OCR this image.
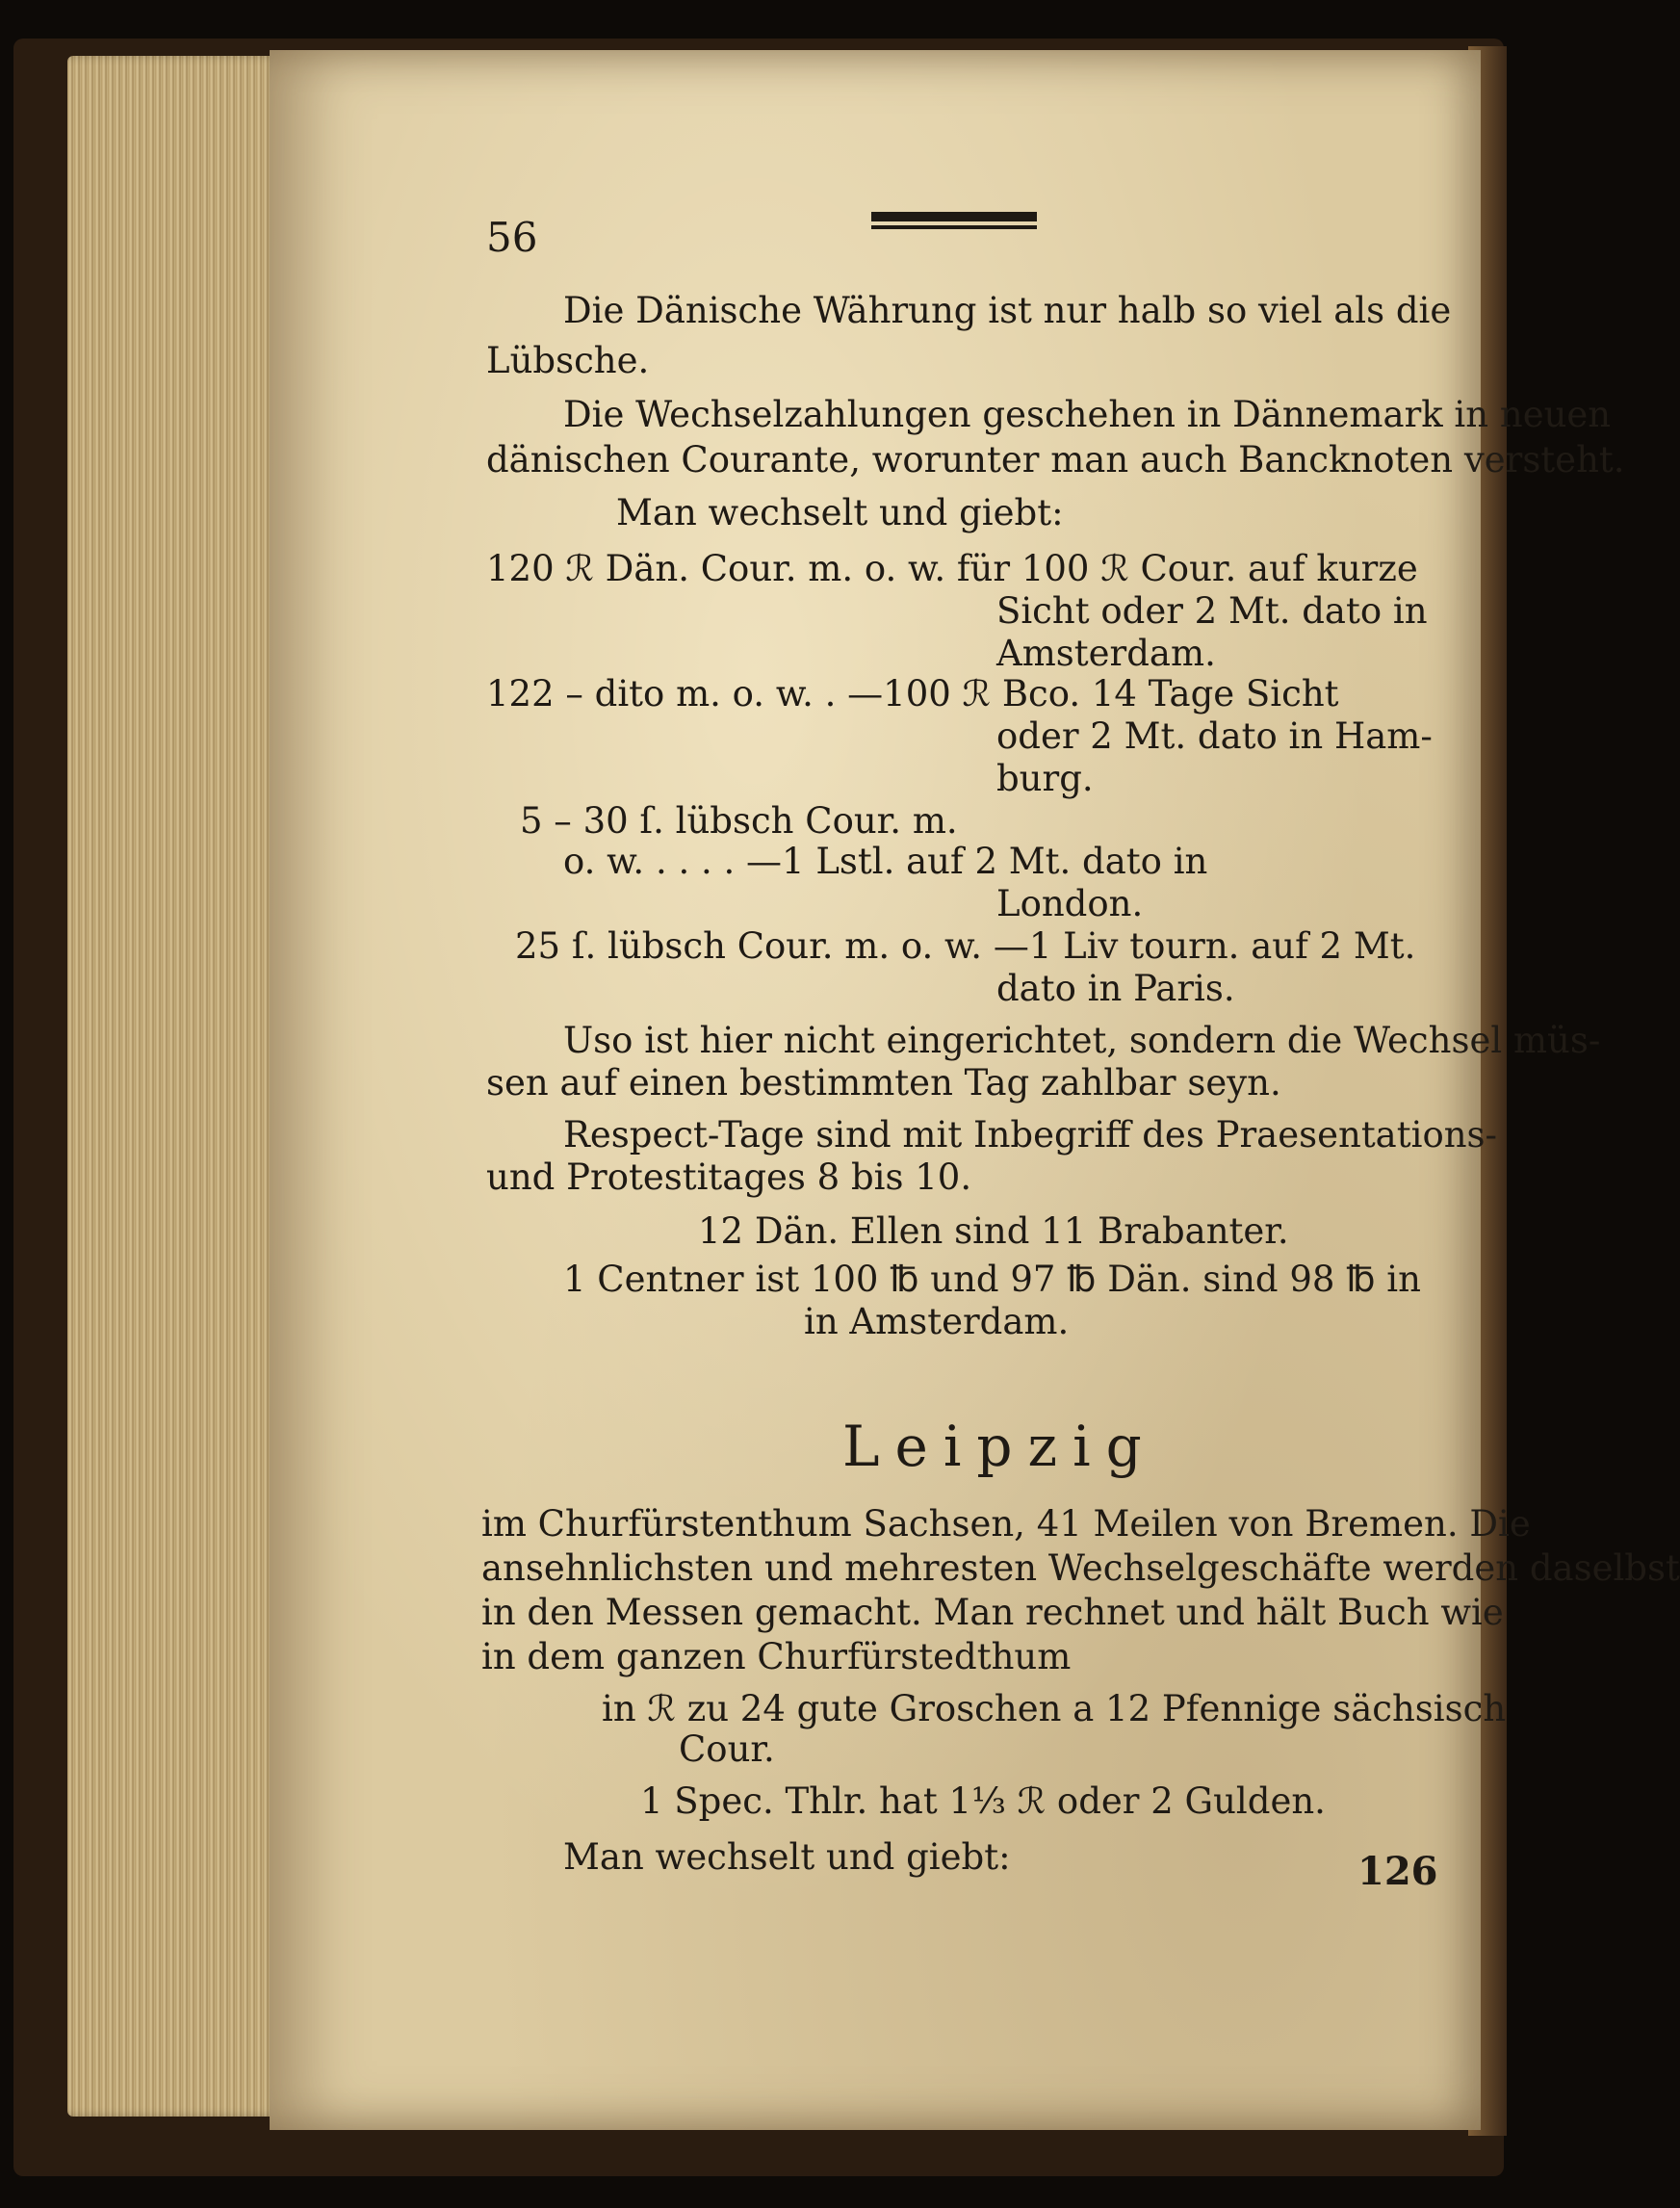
56
Die Dänische Währung ist nur halb so viel als die
Lübsche.
Die Wechselzahlungen geschehen in Dännemark in neuen
dänischen Courante, worunter man auch Bancknoten versteht.
Man wechselt und giebt:
120 ℛ Dän. Cour. m. o. w. für 100 ℛ Cour. auf kurze
Sicht oder 2 Mt. dato in
Amsterdam.
122 – dito m. o. w. . —100 ℛ Bco. 14 Tage Sicht
oder 2 Mt. dato in Ham-
burg.
5 – 30 ſ. lübsch Cour. m.
o. w. . . . . —1 Lstl. auf 2 Mt. dato in
London.
25 ſ. lübsch Cour. m. o. w. —1 Liv tourn. auf 2 Mt.
dato in Paris.
Uso ist hier nicht eingerichtet, sondern die Wechsel müs-
sen auf einen bestimmten Tag zahlbar seyn.
Respect-Tage sind mit Inbegriff des Praesentations-
und Protestitages 8 bis 10.
12 Dän. Ellen sind 11 Brabanter.
1 Centner ist 100 ℔ und 97 ℔ Dän. sind 98 ℔ in
in Amsterdam.
Leipzig
im Churfürstenthum Sachsen, 41 Meilen von Bremen. Die
ansehnlichsten und mehresten Wechselgeschäfte werden daselbst
in den Messen gemacht. Man rechnet und hält Buch wie
in dem ganzen Churfürstedthum
in ℛ zu 24 gute Groschen a 12 Pfennige sächsisch
Cour.
1 Spec. Thlr. hat 1⅓ ℛ oder 2 Gulden.
Man wechselt und giebt:	126
